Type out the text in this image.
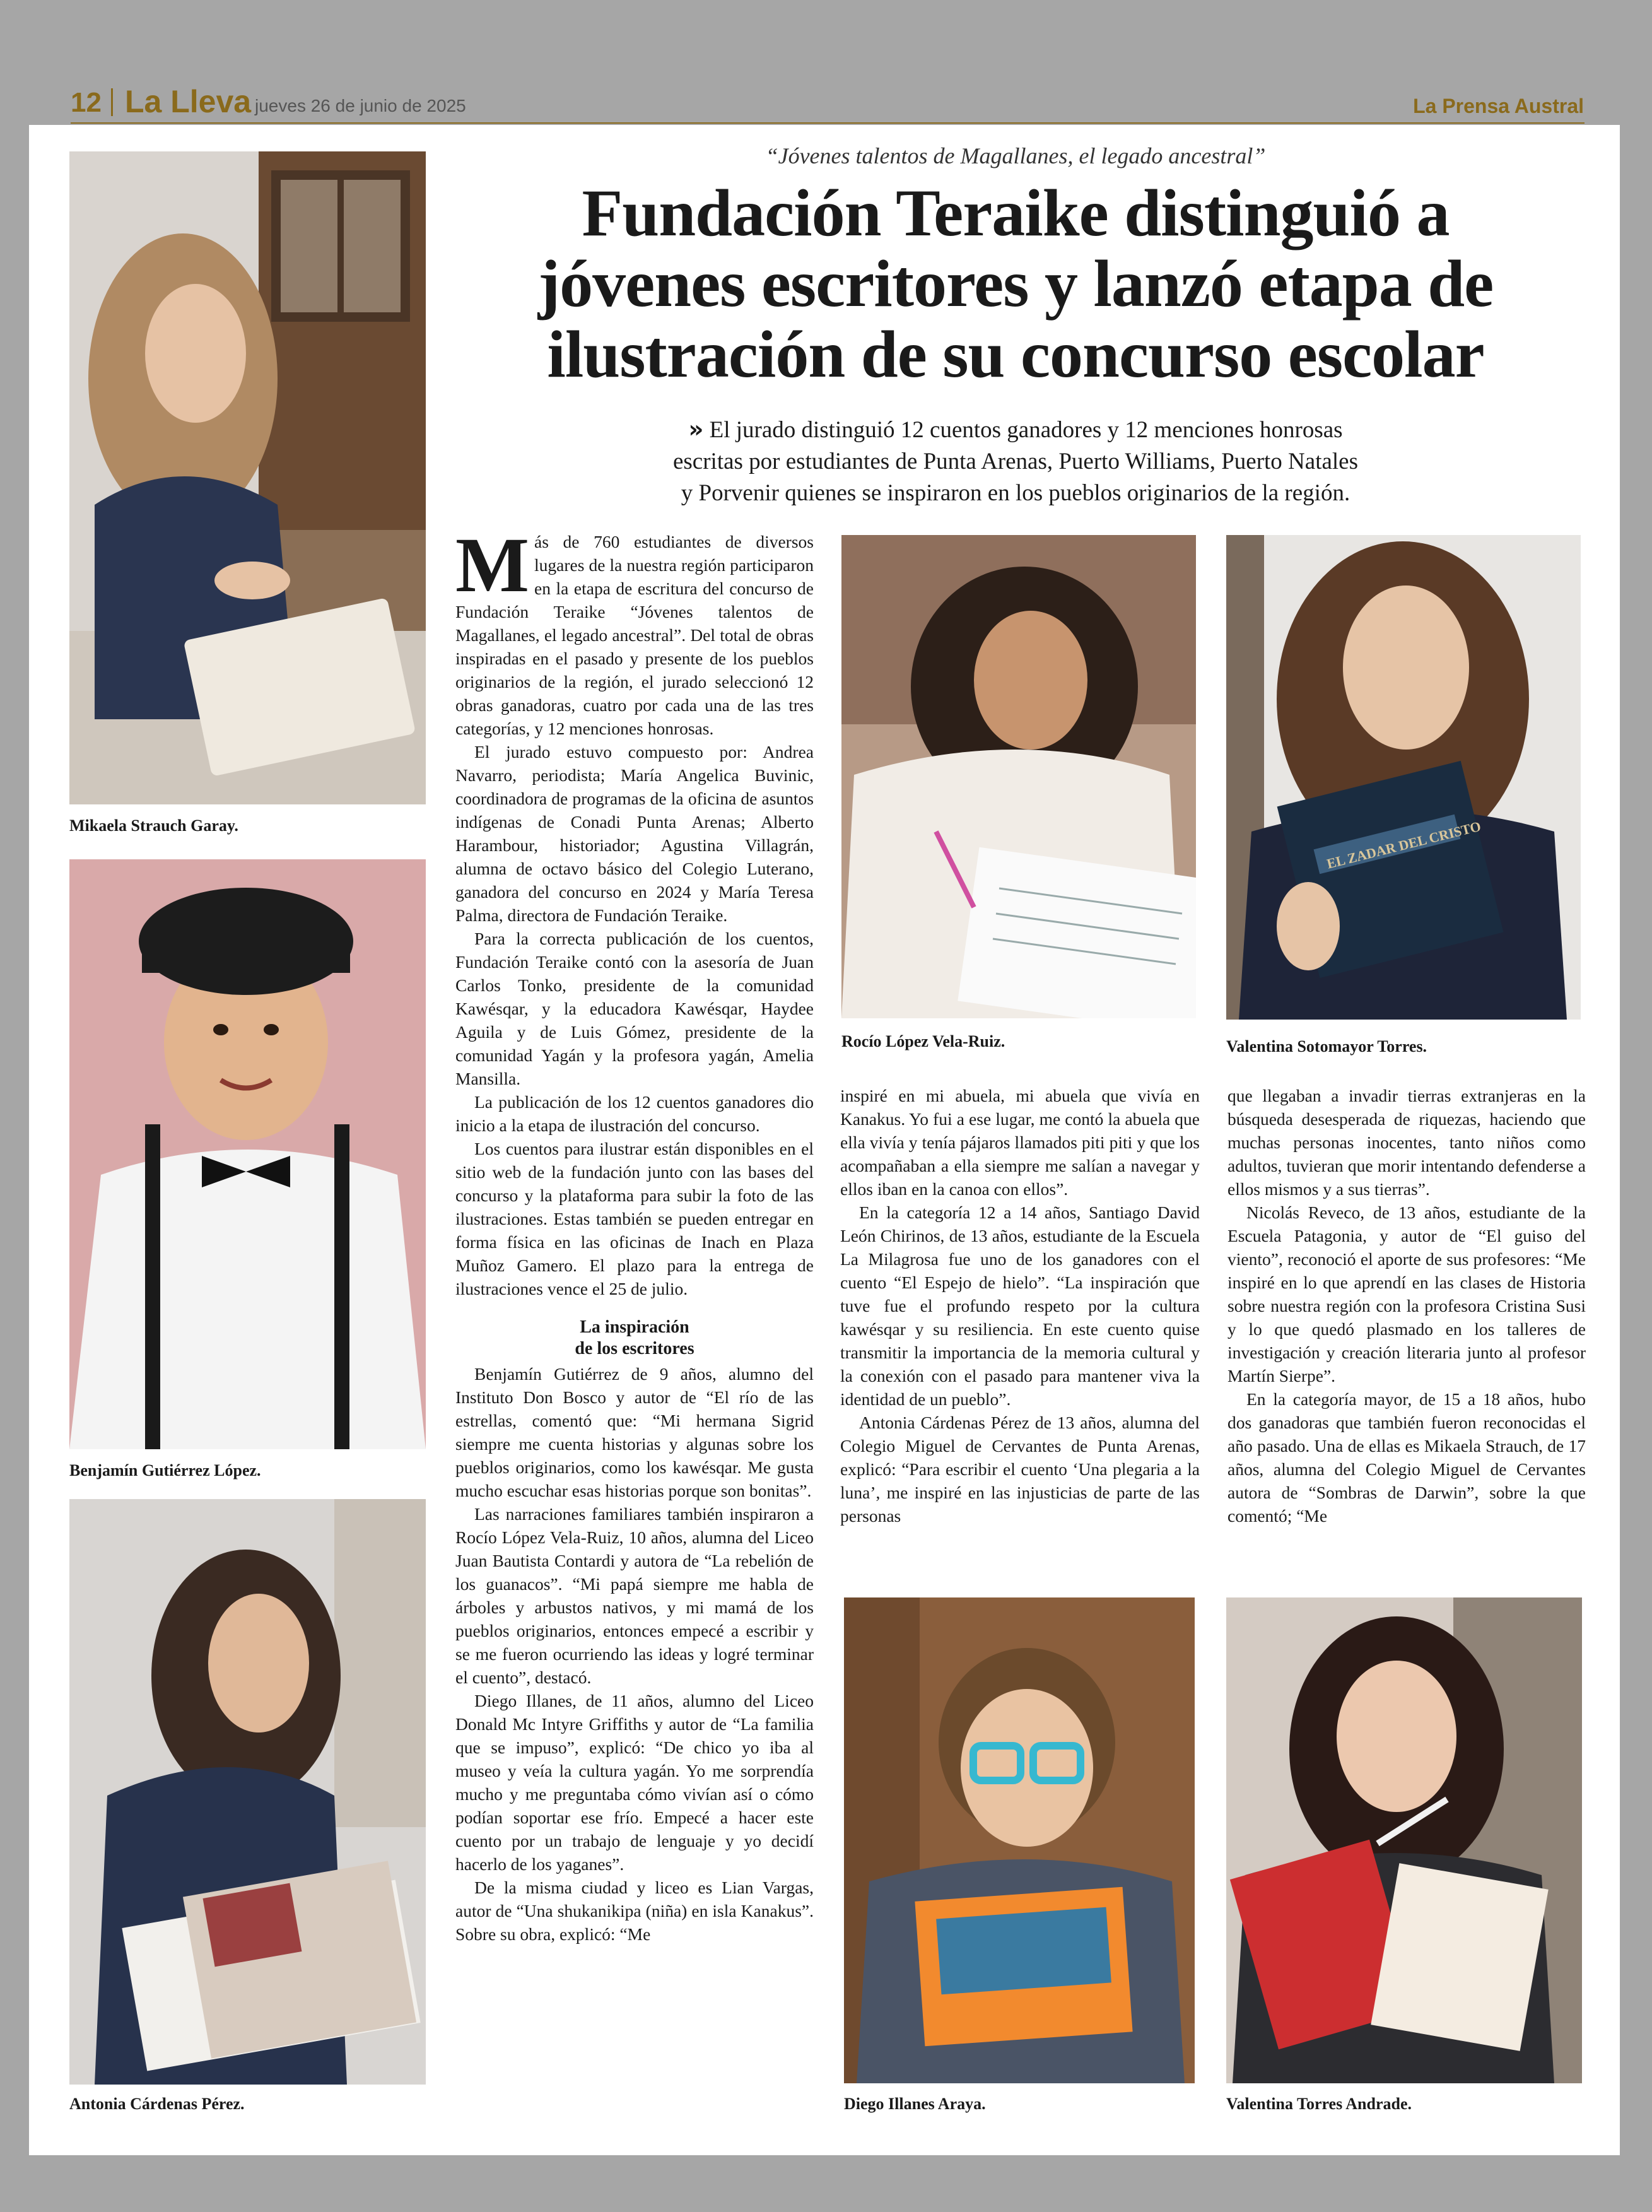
12 La Lleva jueves 26 de junio de 2025	La Prensa Austral
Mikaela Strauch Garay.
Benjamín Gutiérrez López.
Antonia Cárdenas Pérez.
“Jóvenes talentos de Magallanes, el legado ancestral”
Fundación Teraike distinguió a
jóvenes escritores y lanzó etapa de
ilustración de su concurso escolar
» El jurado distinguió 12 cuentos ganadores y 12 menciones honrosas
escritas por estudiantes de Punta Arenas, Puerto Williams, Puerto Natales
y Porvenir quienes se inspiraron en los pueblos originarios de la región.

Más de 760 estudiantes de diversos lugares de la nuestra región participaron en la etapa de escritura del concurso de Fundación Teraike “Jóvenes talentos de Magallanes, el legado ancestral”. Del total de obras inspiradas en el pasado y presente de los pueblos originarios de la región, el jurado seleccionó 12 obras ganadoras, cuatro por cada una de las tres categorías, y 12 menciones honrosas.

El jurado estuvo compuesto por: Andrea Navarro, periodista; María Angelica Buvinic, coordinadora de programas de la oficina de asuntos indígenas de Conadi Punta Arenas; Alberto Harambour, historiador; Agustina Villagrán, alumna de octavo básico del Colegio Luterano, ganadora del concurso en 2024 y María Teresa Palma, directora de Fundación Teraike.

Para la correcta publicación de los cuentos, Fundación Teraike contó con la asesoría de Juan Carlos Tonko, presidente de la comunidad Kawésqar, y la educadora Kawésqar, Haydee Aguila y de Luis Gómez, presidente de la comunidad Yagán y la profesora yagán, Amelia Mansilla.

La publicación de los 12 cuentos ganadores dio inicio a la etapa de ilustración del concurso.

Los cuentos para ilustrar están disponibles en el sitio web de la fundación junto con las bases del concurso y la plataforma para subir la foto de las ilustraciones. Estas también se pueden entregar en forma física en las oficinas de Inach en Plaza Muñoz Gamero. El plazo para la entrega de ilustraciones vence el 25 de julio.

La inspiración
de los escritores

Benjamín Gutiérrez de 9 años, alumno del Instituto Don Bosco y autor de “El río de las estrellas, comentó que: “Mi hermana Sigrid siempre me cuenta historias y algunas sobre los pueblos originarios, como los kawésqar. Me gusta mucho escuchar esas historias porque son bonitas”.

Las narraciones familiares también inspiraron a Rocío López Vela-Ruiz, 10 años, alumna del Liceo Juan Bautista Contardi y autora de “La rebelión de los guanacos”. “Mi papá siempre me habla de árboles y arbustos nativos, y mi mamá de los pueblos originarios, entonces empecé a escribir y se me fueron ocurriendo las ideas y logré terminar el cuento”, destacó.

Diego Illanes, de 11 años, alumno del Liceo Donald Mc Intyre Griffiths y autor de “La familia que se impuso”, explicó: “De chico yo iba al museo y veía la cultura yagán. Yo me sorprendía mucho y me preguntaba cómo vivían así o cómo podían soportar ese frío. Empecé a hacer este cuento por un trabajo de lenguaje y yo decidí hacerlo de los yaganes”.

De la misma ciudad y liceo es Lian Vargas, autor de “Una shukanikipa (niña) en isla Kanakus”. Sobre su obra, explicó: “Me

Rocío López Vela-Ruiz.
EL ZADAR DEL CRISTO
Valentina Sotomayor Torres.

inspiré en mi abuela, mi abuela que vivía en Kanakus. Yo fui a ese lugar, me contó la abuela que ella vivía y tenía pájaros llamados piti piti y que los acompañaban a ella siempre me salían a navegar y ellos iban en la canoa con ellos”.

En la categoría 12 a 14 años, Santiago David León Chirinos, de 13 años, estudiante de la Escuela La Milagrosa fue uno de los ganadores con el cuento “El Espejo de hielo”. “La inspiración que tuve fue el profundo respeto por la cultura kawésqar y su resiliencia. En este cuento quise transmitir la importancia de la memoria cultural y la conexión con el pasado para mantener viva la identidad de un pueblo”.

Antonia Cárdenas Pérez de 13 años, alumna del Colegio Miguel de Cervantes de Punta Arenas, explicó: “Para escribir el cuento ‘Una plegaria a la luna’, me inspiré en las injusticias de parte de las personas

que llegaban a invadir tierras extranjeras en la búsqueda desesperada de riquezas, haciendo que muchas personas inocentes, tanto niños como adultos, tuvieran que morir intentando defenderse a ellos mismos y a sus tierras”.

Nicolás Reveco, de 13 años, estudiante de la Escuela Patagonia, y autor de “El guiso del viento”, reconoció el aporte de sus profesores: “Me inspiré en lo que aprendí en las clases de Historia sobre nuestra región con la profesora Cristina Susi y lo que quedó plasmado en los talleres de investigación y creación literaria junto al profesor Martín Sierpe”.

En la categoría mayor, de 15 a 18 años, hubo dos ganadoras que también fueron reconocidas el año pasado. Una de ellas es Mikaela Strauch, de 17 años, alumna del Colegio Miguel de Cervantes autora de “Sombras de Darwin”, sobre la que comentó; “Me

Diego Illanes Araya.	Valentina Torres Andrade.
